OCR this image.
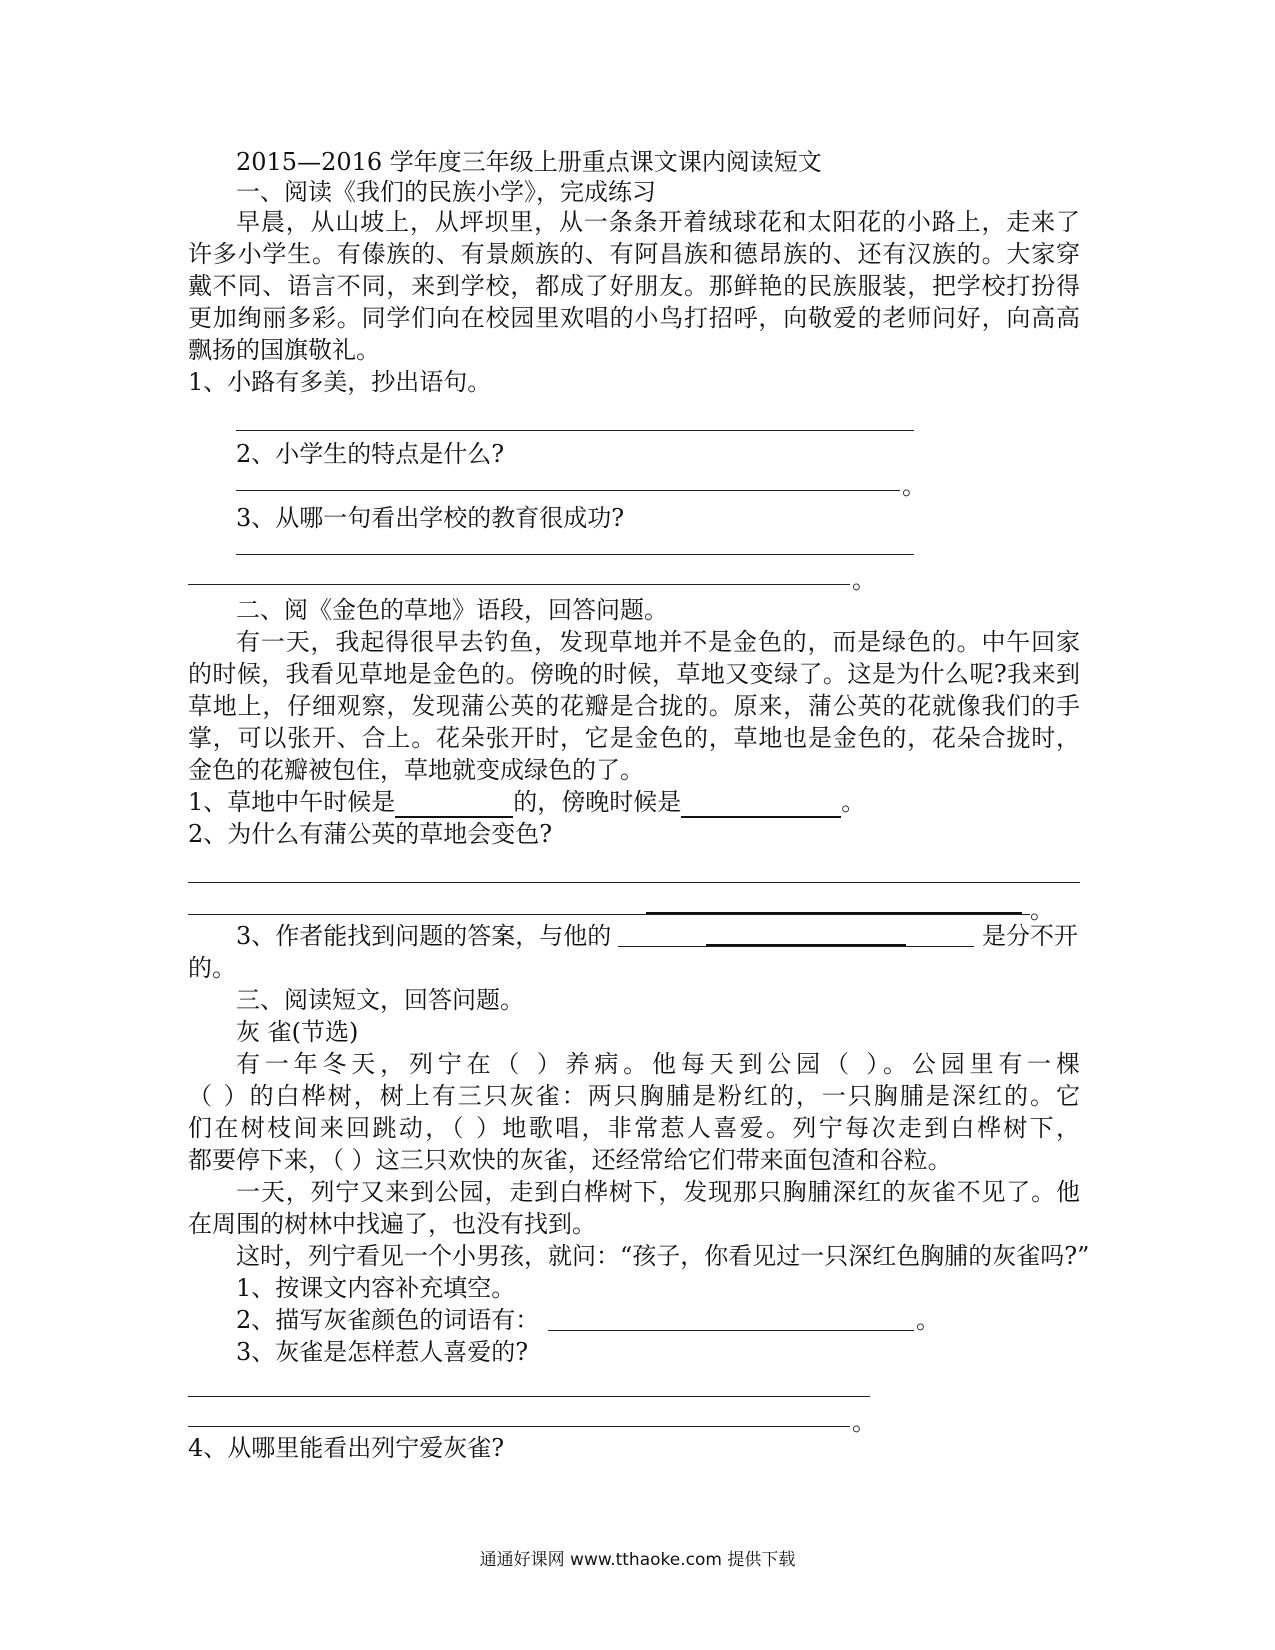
2015—2016 学年度三年级上册重点课文课内阅读短文
一、阅读《我们的民族小学》，完成练习
早晨，从山坡上，从坪坝里，从一条条开着绒球花和太阳花的小路上，走来了
许多小学生。有傣族的、有景颇族的、有阿昌族和德昂族的、还有汉族的。大家穿
戴不同、语言不同，来到学校，都成了好朋友。那鲜艳的民族服装，把学校打扮得
更加绚丽多彩。同学们向在校园里欢唱的小鸟打招呼，向敬爱的老师问好，向高高
飘扬的国旗敬礼。
1、小路有多美，抄出语句。
2、小学生的特点是什么?
。
3、从哪一句看出学校的教育很成功?
。
二、阅《金色的草地》语段，回答问题。
有一天，我起得很早去钓鱼，发现草地并不是金色的，而是绿色的。中午回家
的时候，我看见草地是金色的。傍晚的时候，草地又变绿了。这是为什么呢?我来到
草地上，仔细观察，发现蒲公英的花瓣是合拢的。原来，蒲公英的花就像我们的手
掌，可以张开、合上。花朵张开时，它是金色的，草地也是金色的，花朵合拢时，
金色的花瓣被包住，草地就变成绿色的了。
1、草地中午时候是	的，傍晚时候是	。
2、为什么有蒲公英的草地会变色?
。
3、作者能找到问题的答案，与他的	是分不开
的。
三、阅读短文，回答问题。
灰 雀(节选)
有一年冬天，列宁在（ ）养病。他每天到公园（ ）。公园里有一棵
（ ）的白桦树，树上有三只灰雀：两只胸脯是粉红的，一只胸脯是深红的。它
们在树枝间来回跳动，（ ）地歌唱，非常惹人喜爱。列宁每次走到白桦树下，
都要停下来，（ ）这三只欢快的灰雀，还经常给它们带来面包渣和谷粒。
一天，列宁又来到公园，走到白桦树下，发现那只胸脯深红的灰雀不见了。他
在周围的树林中找遍了，也没有找到。
这时，列宁看见一个小男孩，就问：“孩子，你看见过一只深红色胸脯的灰雀吗?”
1、按课文内容补充填空。
2、描写灰雀颜色的词语有：	。
3、灰雀是怎样惹人喜爱的?
。
4、从哪里能看出列宁爱灰雀?
通通好课网 www.tthaoke.com 提供下载
